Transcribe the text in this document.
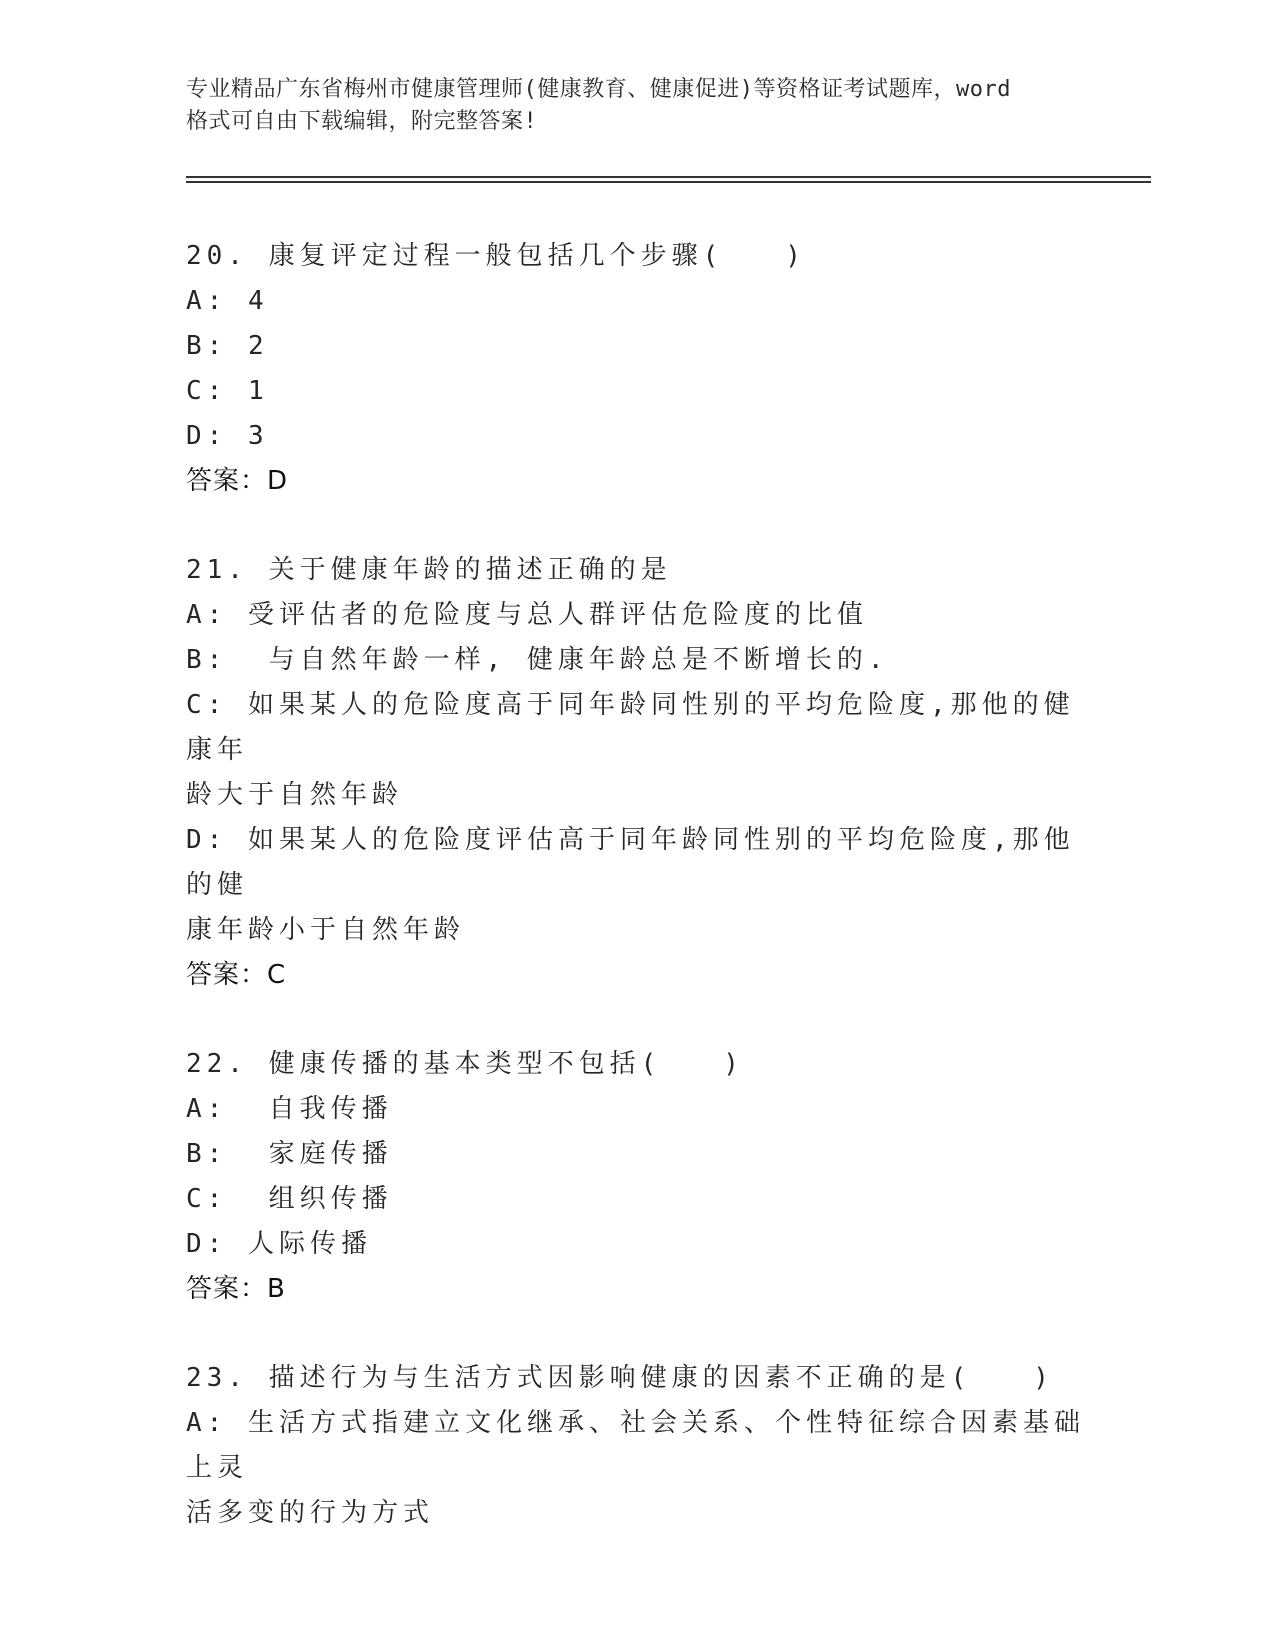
专业精品广东省梅州市健康管理师(健康教育、健康促进)等资格证考试题库，word
格式可自由下载编辑，附完整答案!
20. 康复评定过程一般包括几个步骤(　　)
A: 4
B: 2
C: 1
D: 3
答案：D
21. 关于健康年龄的描述正确的是
A: 受评估者的危险度与总人群评估危险度的比值
B:  与自然年龄一样, 健康年龄总是不断增长的.
C: 如果某人的危险度高于同年龄同性别的平均危险度,那他的健康年
龄大于自然年龄
D: 如果某人的危险度评估高于同年龄同性别的平均危险度,那他的健
康年龄小于自然年龄
答案：C
22. 健康传播的基本类型不包括(　　)
A:  自我传播
B:  家庭传播
C:  组织传播
D: 人际传播
答案：B
23. 描述行为与生活方式因影响健康的因素不正确的是(　　)
A: 生活方式指建立文化继承、社会关系、个性特征综合因素基础上灵
活多变的行为方式
